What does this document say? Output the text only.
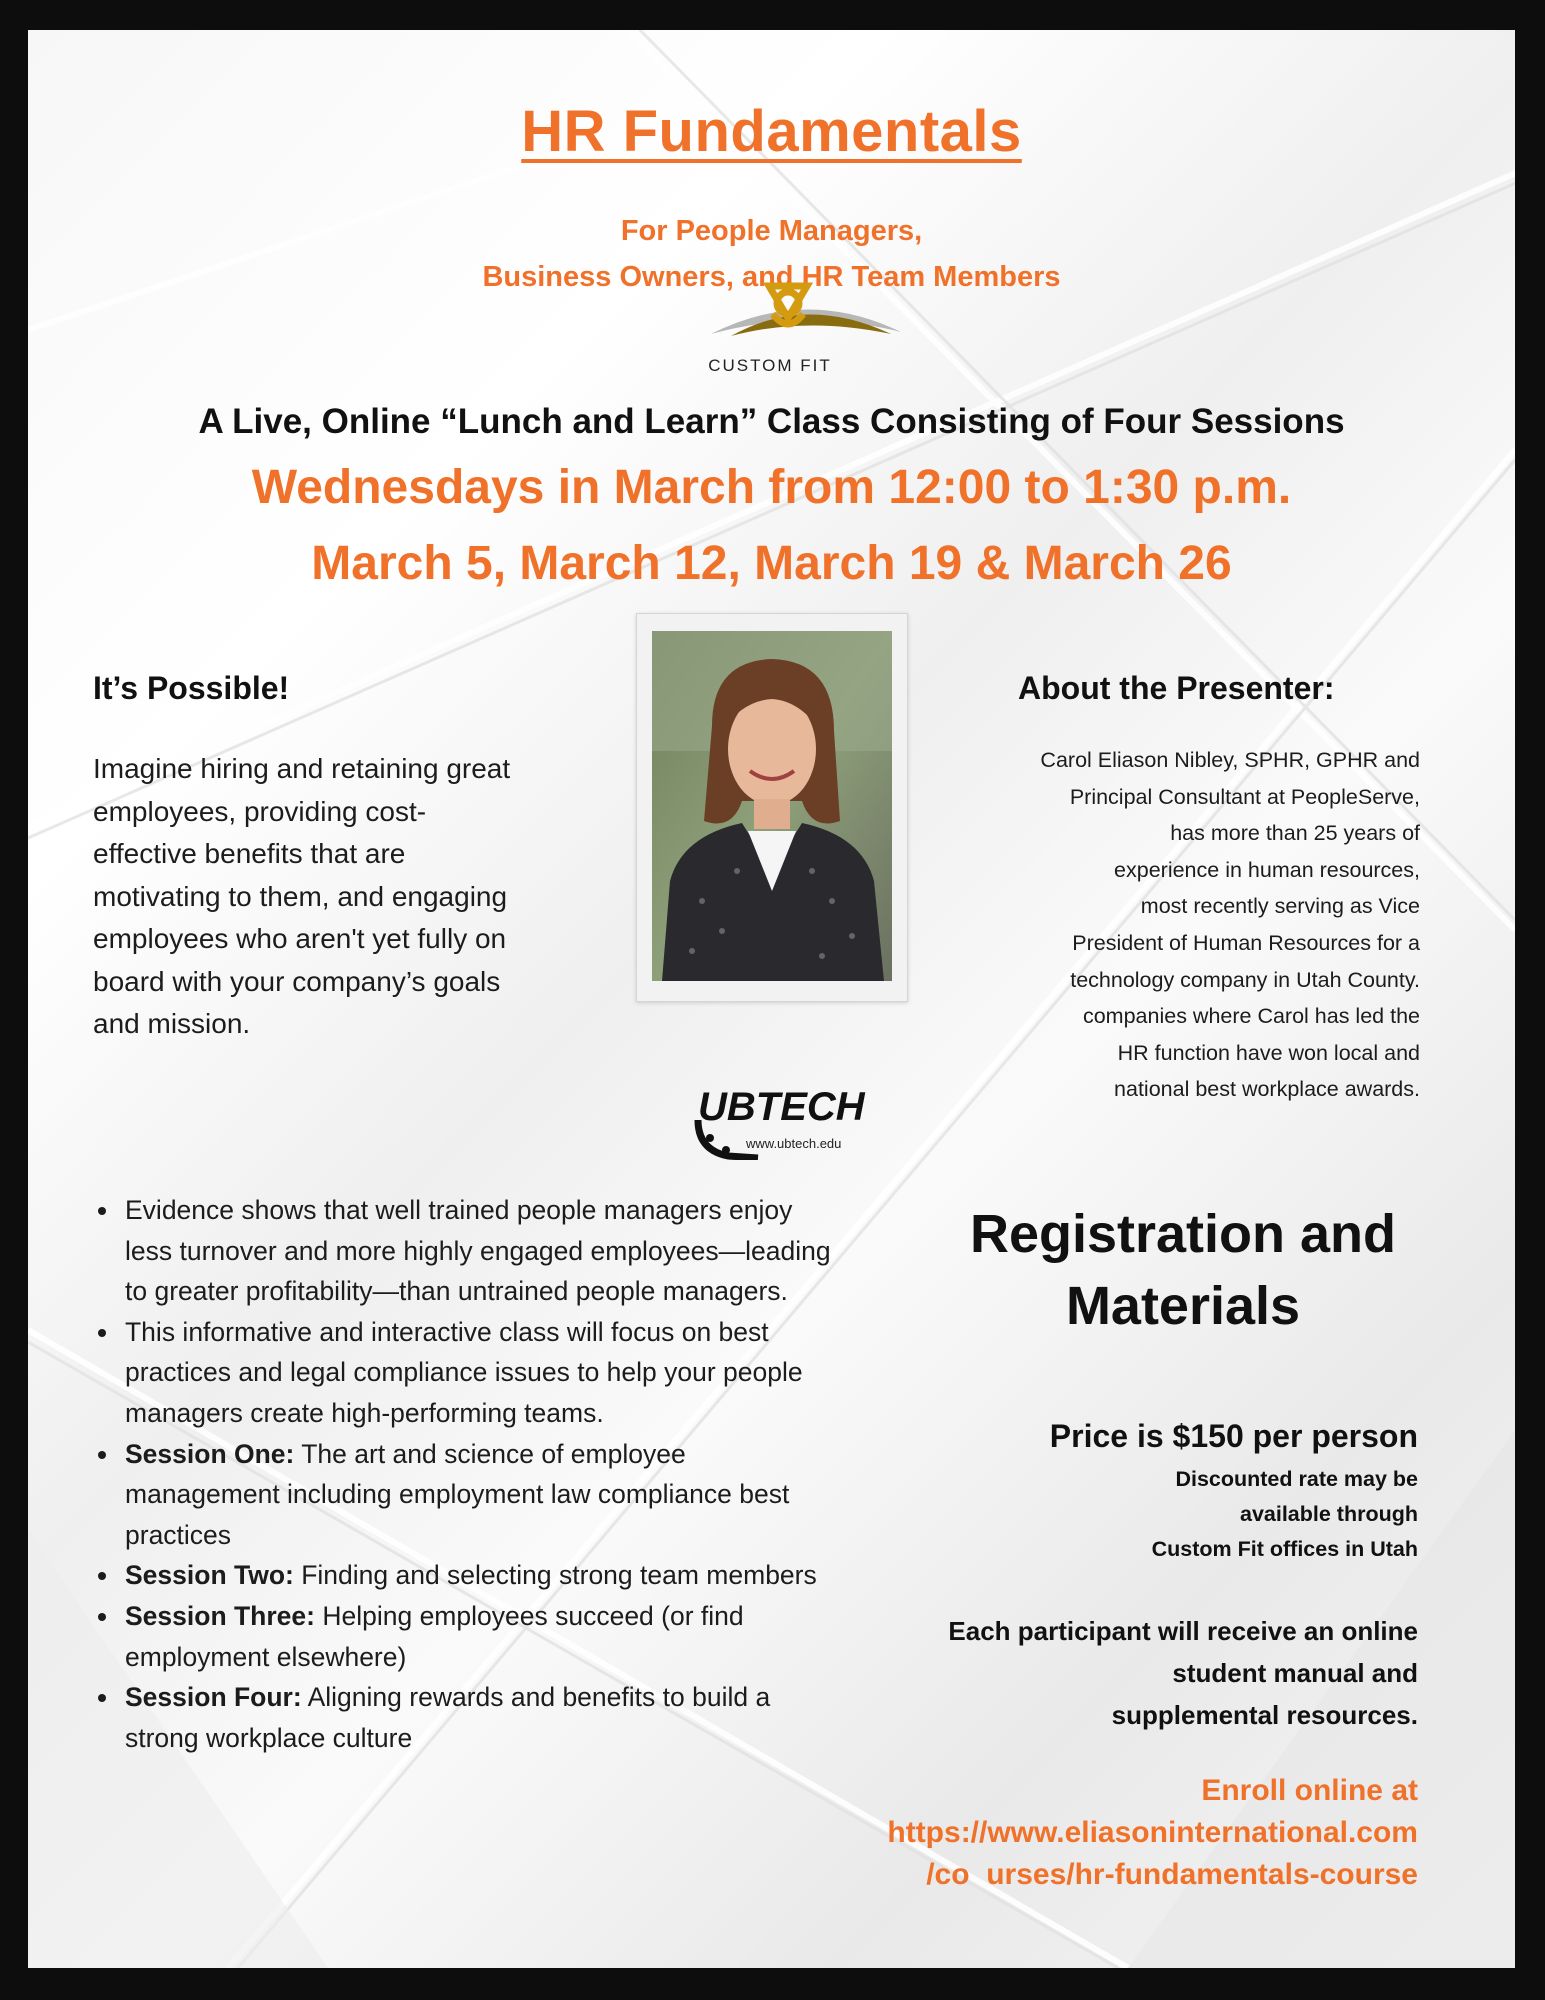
HR Fundamentals
For People Managers,
Business Owners, and HR Team Members
CUSTOM FIT
A Live, Online “Lunch and Learn” Class Consisting of Four Sessions
Wednesdays in March from 12:00 to 1:30 p.m.
March 5, March 12, March 19 & March 26
It’s Possible!
Imagine hiring and retaining great
employees, providing cost-
effective benefits that are
motivating to them, and engaging
employees who aren't yet fully on
board with your company’s goals
and mission.
About the Presenter:
Carol Eliason Nibley, SPHR, GPHR and
Principal Consultant at PeopleServe,
has more than 25 years of
experience in human resources,
most recently serving as Vice
President of Human Resources for a
technology company in Utah County.
companies where Carol has led the
HR function have won local and
national best workplace awards.
UBTECH
www.ubtech.edu
• Evidence shows that well trained people managers enjoy less turnover and more highly engaged employees—leading to greater profitability—than untrained people managers.
• This informative and interactive class will focus on best practices and legal compliance issues to help your people managers create high-performing teams.
• Session One: The art and science of employee management including employment law compliance best practices
• Session Two: Finding and selecting strong team members
• Session Three: Helping employees succeed (or find employment elsewhere)
• Session Four: Aligning rewards and benefits to build a strong workplace culture
Registration and
Materials
Price is $150 per person
Discounted rate may be
available through
Custom Fit offices in Utah
Each participant will receive an online
student manual and
supplemental resources.
Enroll online at
https://www.eliasoninternational.com
/co  urses/hr-fundamentals-course
